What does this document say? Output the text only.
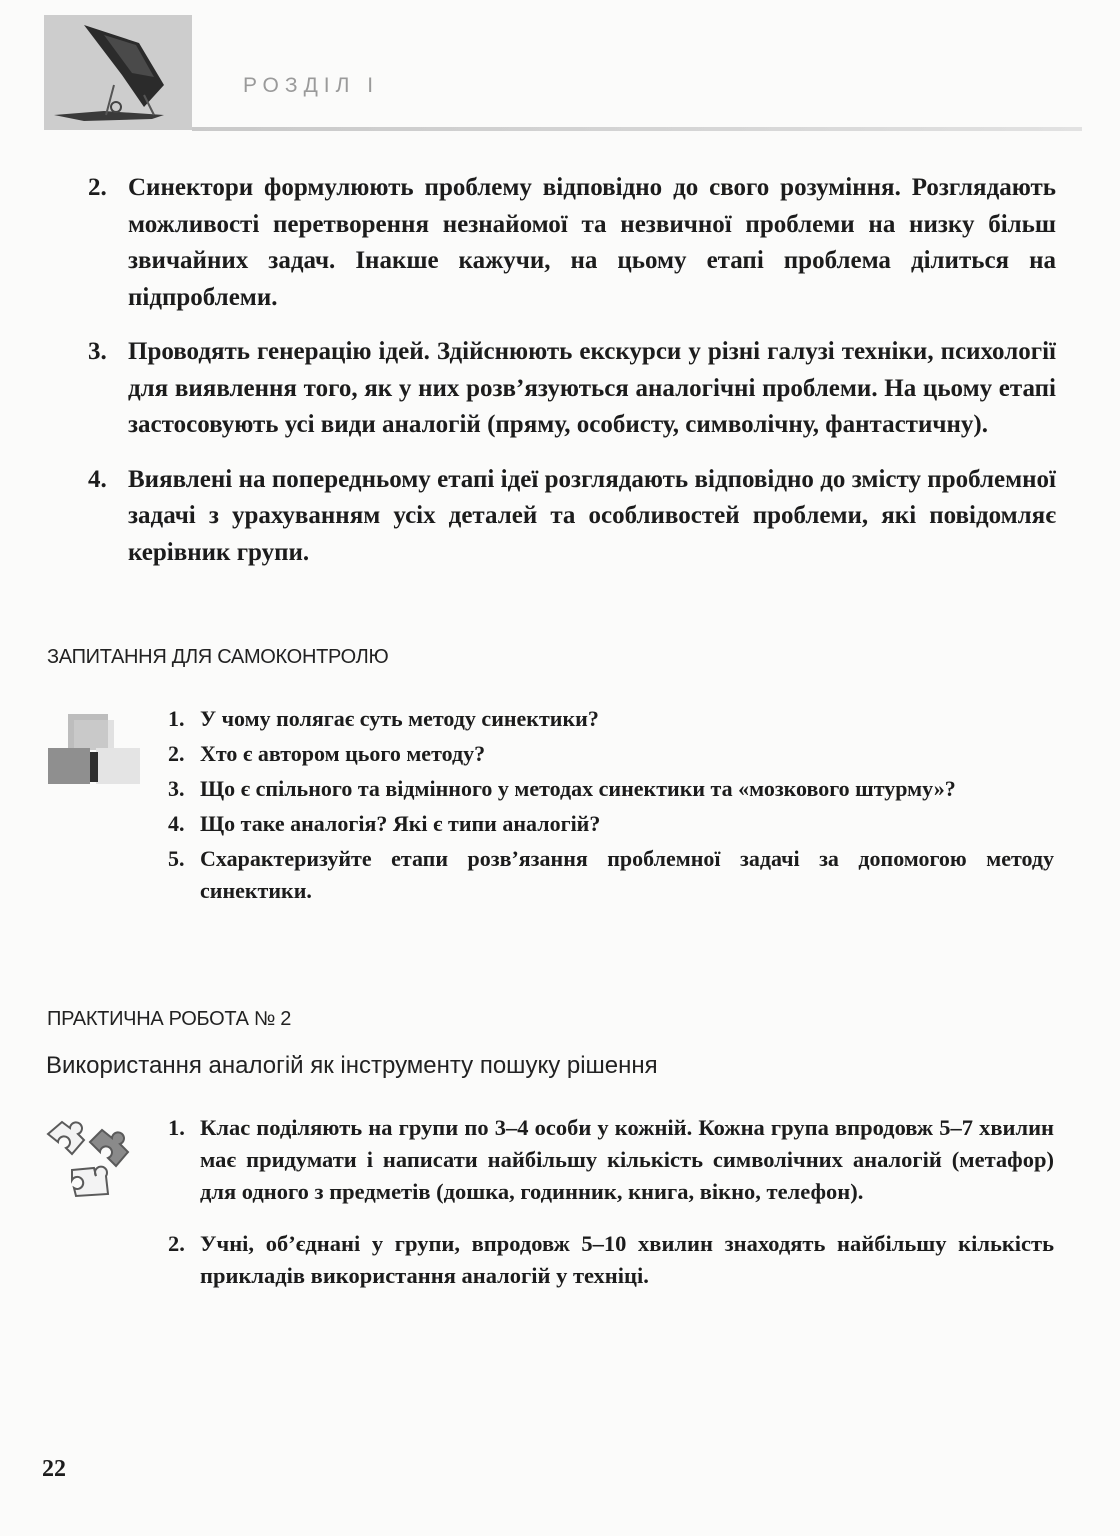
РОЗДІЛ I
2. Синектори формулюють проблему відповідно до свого розуміння. Розглядають можливості перетворення незнайомої та незвичної проблеми на низку більш звичайних задач. Інакше кажучи, на цьому етапі проблема ділиться на підпроблеми.
3. Проводять генерацію ідей. Здійснюють екскурси у різні галузі техніки, психології для виявлення того, як у них розв’язуються аналогічні проблеми. На цьому етапі застосовують усі види аналогій (пряму, особисту, символічну, фантастичну).
4. Виявлені на попередньому етапі ідеї розглядають відповідно до змісту проблемної задачі з урахуванням усіх деталей та особливостей проблеми, які повідомляє керівник групи.
ЗАПИТАННЯ ДЛЯ САМОКОНТРОЛЮ
1. У чому полягає суть методу синектики?
2. Хто є автором цього методу?
3. Що є спільного та відмінного у методах синектики та «мозкового штурму»?
4. Що таке аналогія? Які є типи аналогій?
5. Схарактеризуйте етапи розв’язання проблемної задачі за допомогою методу синектики.
ПРАКТИЧНА РОБОТА № 2
Використання аналогій як інструменту пошуку рішення
1. Клас поділяють на групи по 3–4 особи у кожній. Кожна група впродовж 5–7 хвилин має придумати і написати найбільшу кількість символічних аналогій (метафор) для одного з предметів (дошка, годинник, книга, вікно, телефон).
2. Учні, об’єднані у групи, впродовж 5–10 хвилин знаходять найбільшу кількість прикладів використання аналогій у техніці.
22
